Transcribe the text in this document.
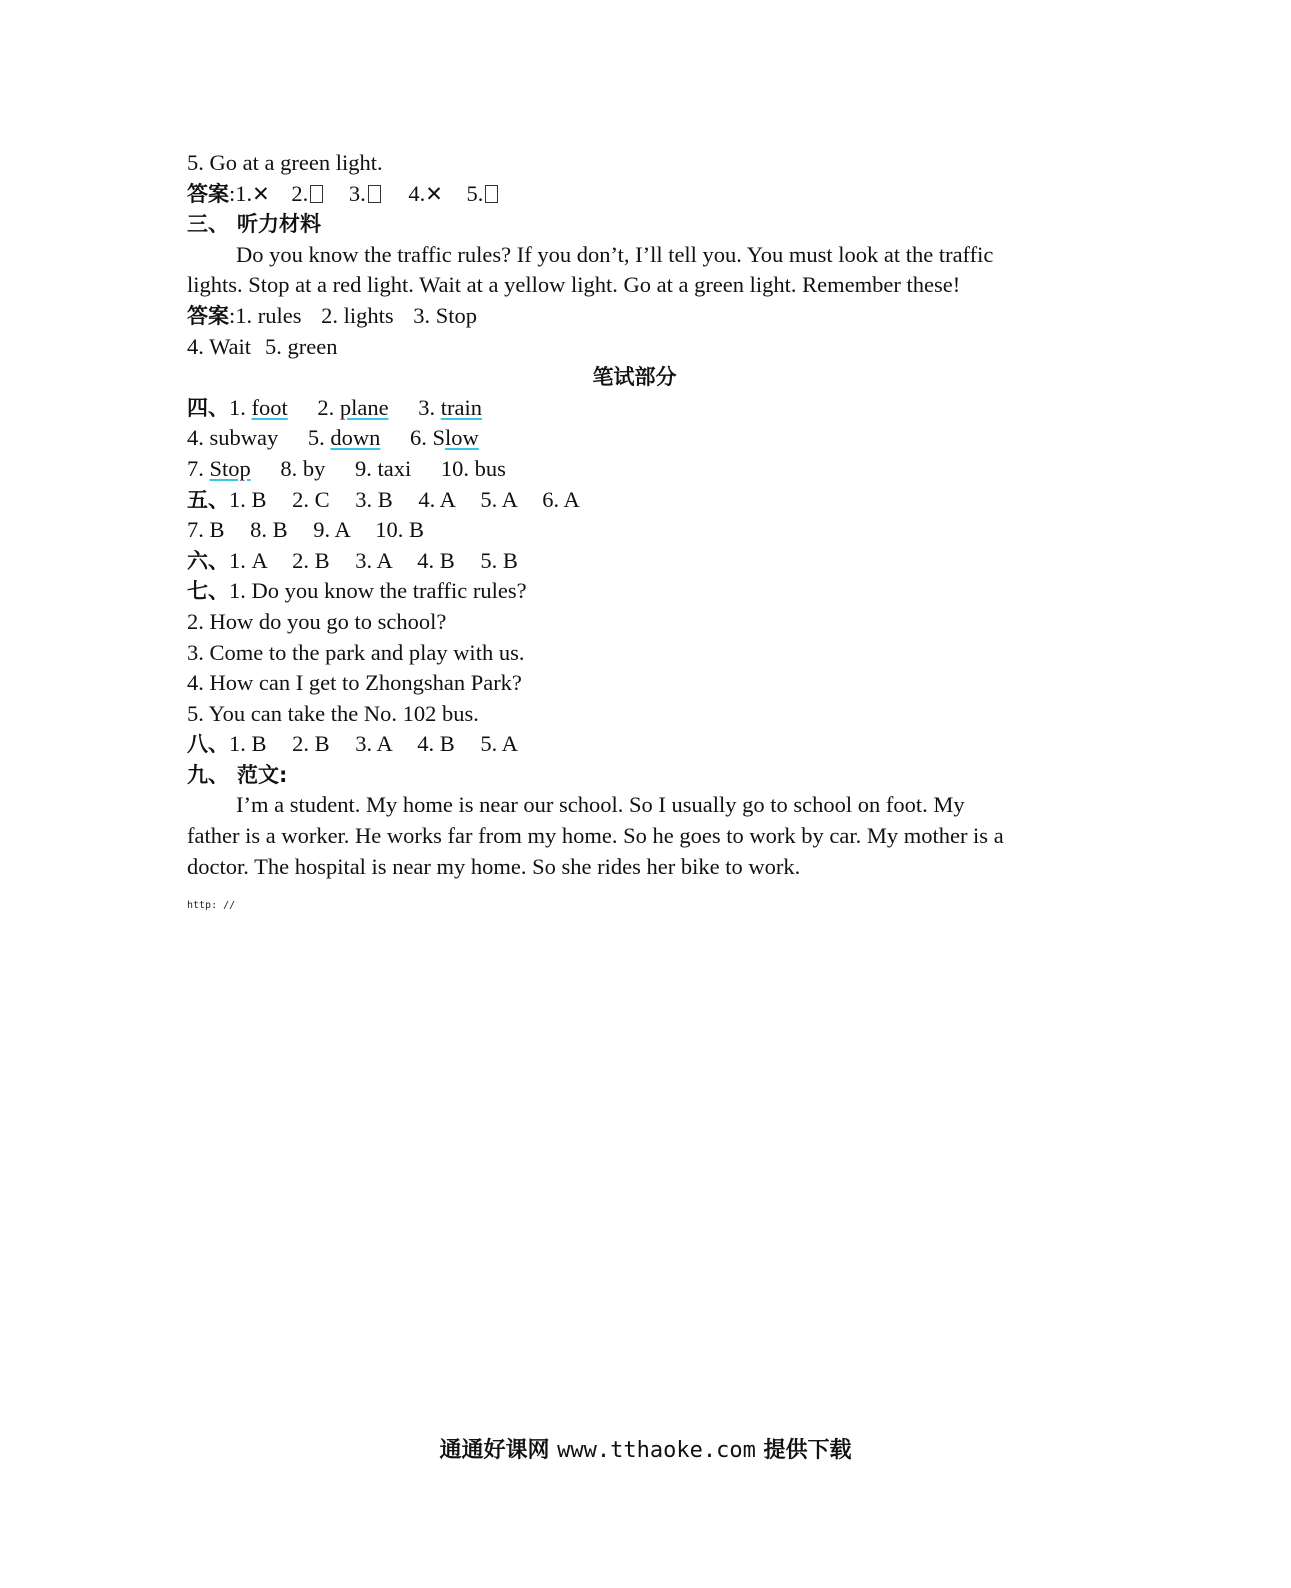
5. Go at a green light.
答案:1.✕ 2. 3. 4.✕ 5.
三、 听力材料
Do you know the traffic rules? If you don’t, I’ll tell you. You must look at the traffic
lights. Stop at a red light. Wait at a yellow light. Go at a green light. Remember these!
答案:1. rules 2. lights 3. Stop
4. Wait 5. green
笔试部分
四、1. foot 2. plane 3. train
4. subway 5. down 6. Slow
7. Stop 8. by 9. taxi 10. bus
五、1. B 2. C 3. B 4. A 5. A 6. A
7. B 8. B 9. A 10. B
六、1. A 2. B 3. A 4. B 5. B
七、1. Do you know the traffic rules?
2. How do you go to school?
3. Come to the park and play with us.
4. How can I get to Zhongshan Park?
5. You can take the No. 102 bus.
八、1. B 2. B 3. A 4. B 5. A
九、 范文:
I’m a student. My home is near our school. So I usually go to school on foot. My
father is a worker. He works far from my home. So he goes to work by car. My mother is a
doctor. The hospital is near my home. So she rides her bike to work.
http: //
通通好课网 www.tthaoke.com 提供下载
